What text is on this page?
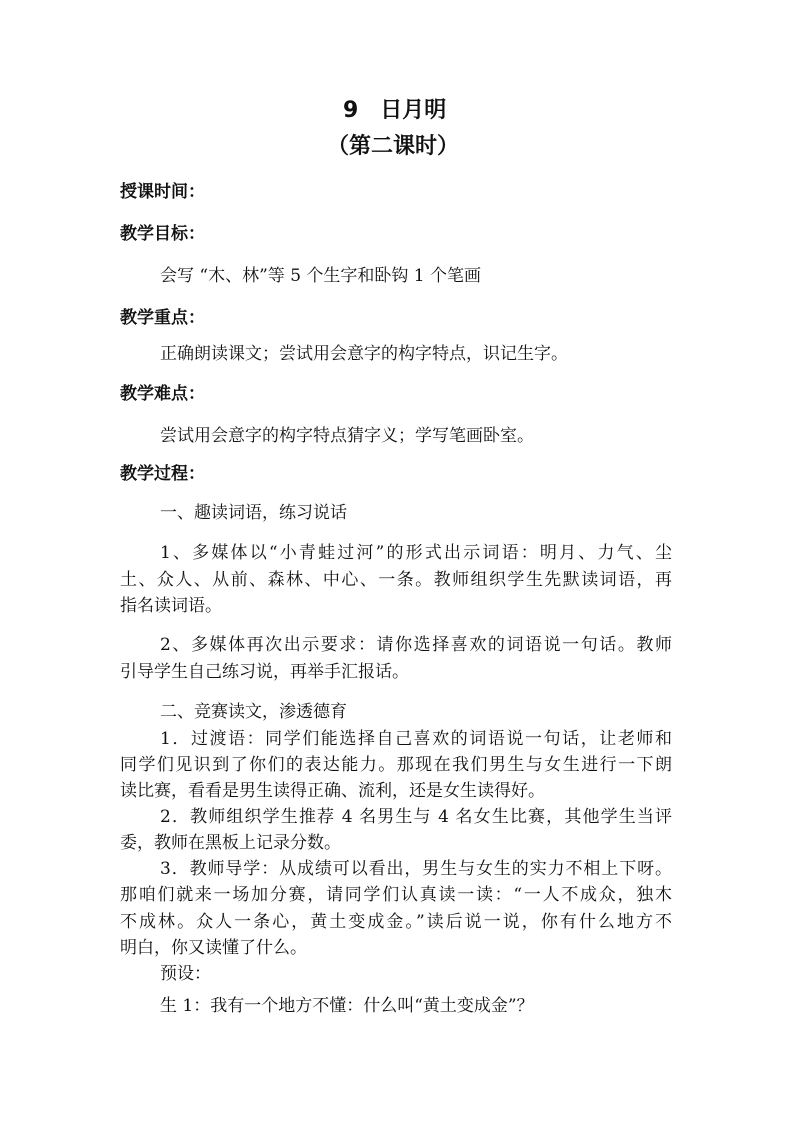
9　日月明
（第二课时）
授课时间：
教学目标：
会写 “木、林”等 5 个生字和卧钩 1 个笔画
教学重点：
正确朗读课文；尝试用会意字的构字特点，识记生字。
教学难点：
尝试用会意字的构字特点猜字义；学写笔画卧室。
教学过程：
一、趣读词语，练习说话
1、多媒体以“小青蛙过河”的形式出示词语：明月、力气、尘
土、众人、从前、森林、中心、一条。教师组织学生先默读词语，再
指名读词语。
2、多媒体再次出示要求：请你选择喜欢的词语说一句话。教师
引导学生自己练习说，再举手汇报话。
二、竞赛读文，渗透德育
1．过渡语：同学们能选择自己喜欢的词语说一句话，让老师和
同学们见识到了你们的表达能力。那现在我们男生与女生进行一下朗
读比赛，看看是男生读得正确、流利，还是女生读得好。
2．教师组织学生推荐 4 名男生与 4 名女生比赛，其他学生当评
委，教师在黑板上记录分数。
3．教师导学：从成绩可以看出，男生与女生的实力不相上下呀。
那咱们就来一场加分赛，请同学们认真读一读：“一人不成众，独木
不成林。众人一条心，黄土变成金。”读后说一说，你有什么地方不
明白，你又读懂了什么。
预设：
生 1：我有一个地方不懂：什么叫“黄土变成金”？
